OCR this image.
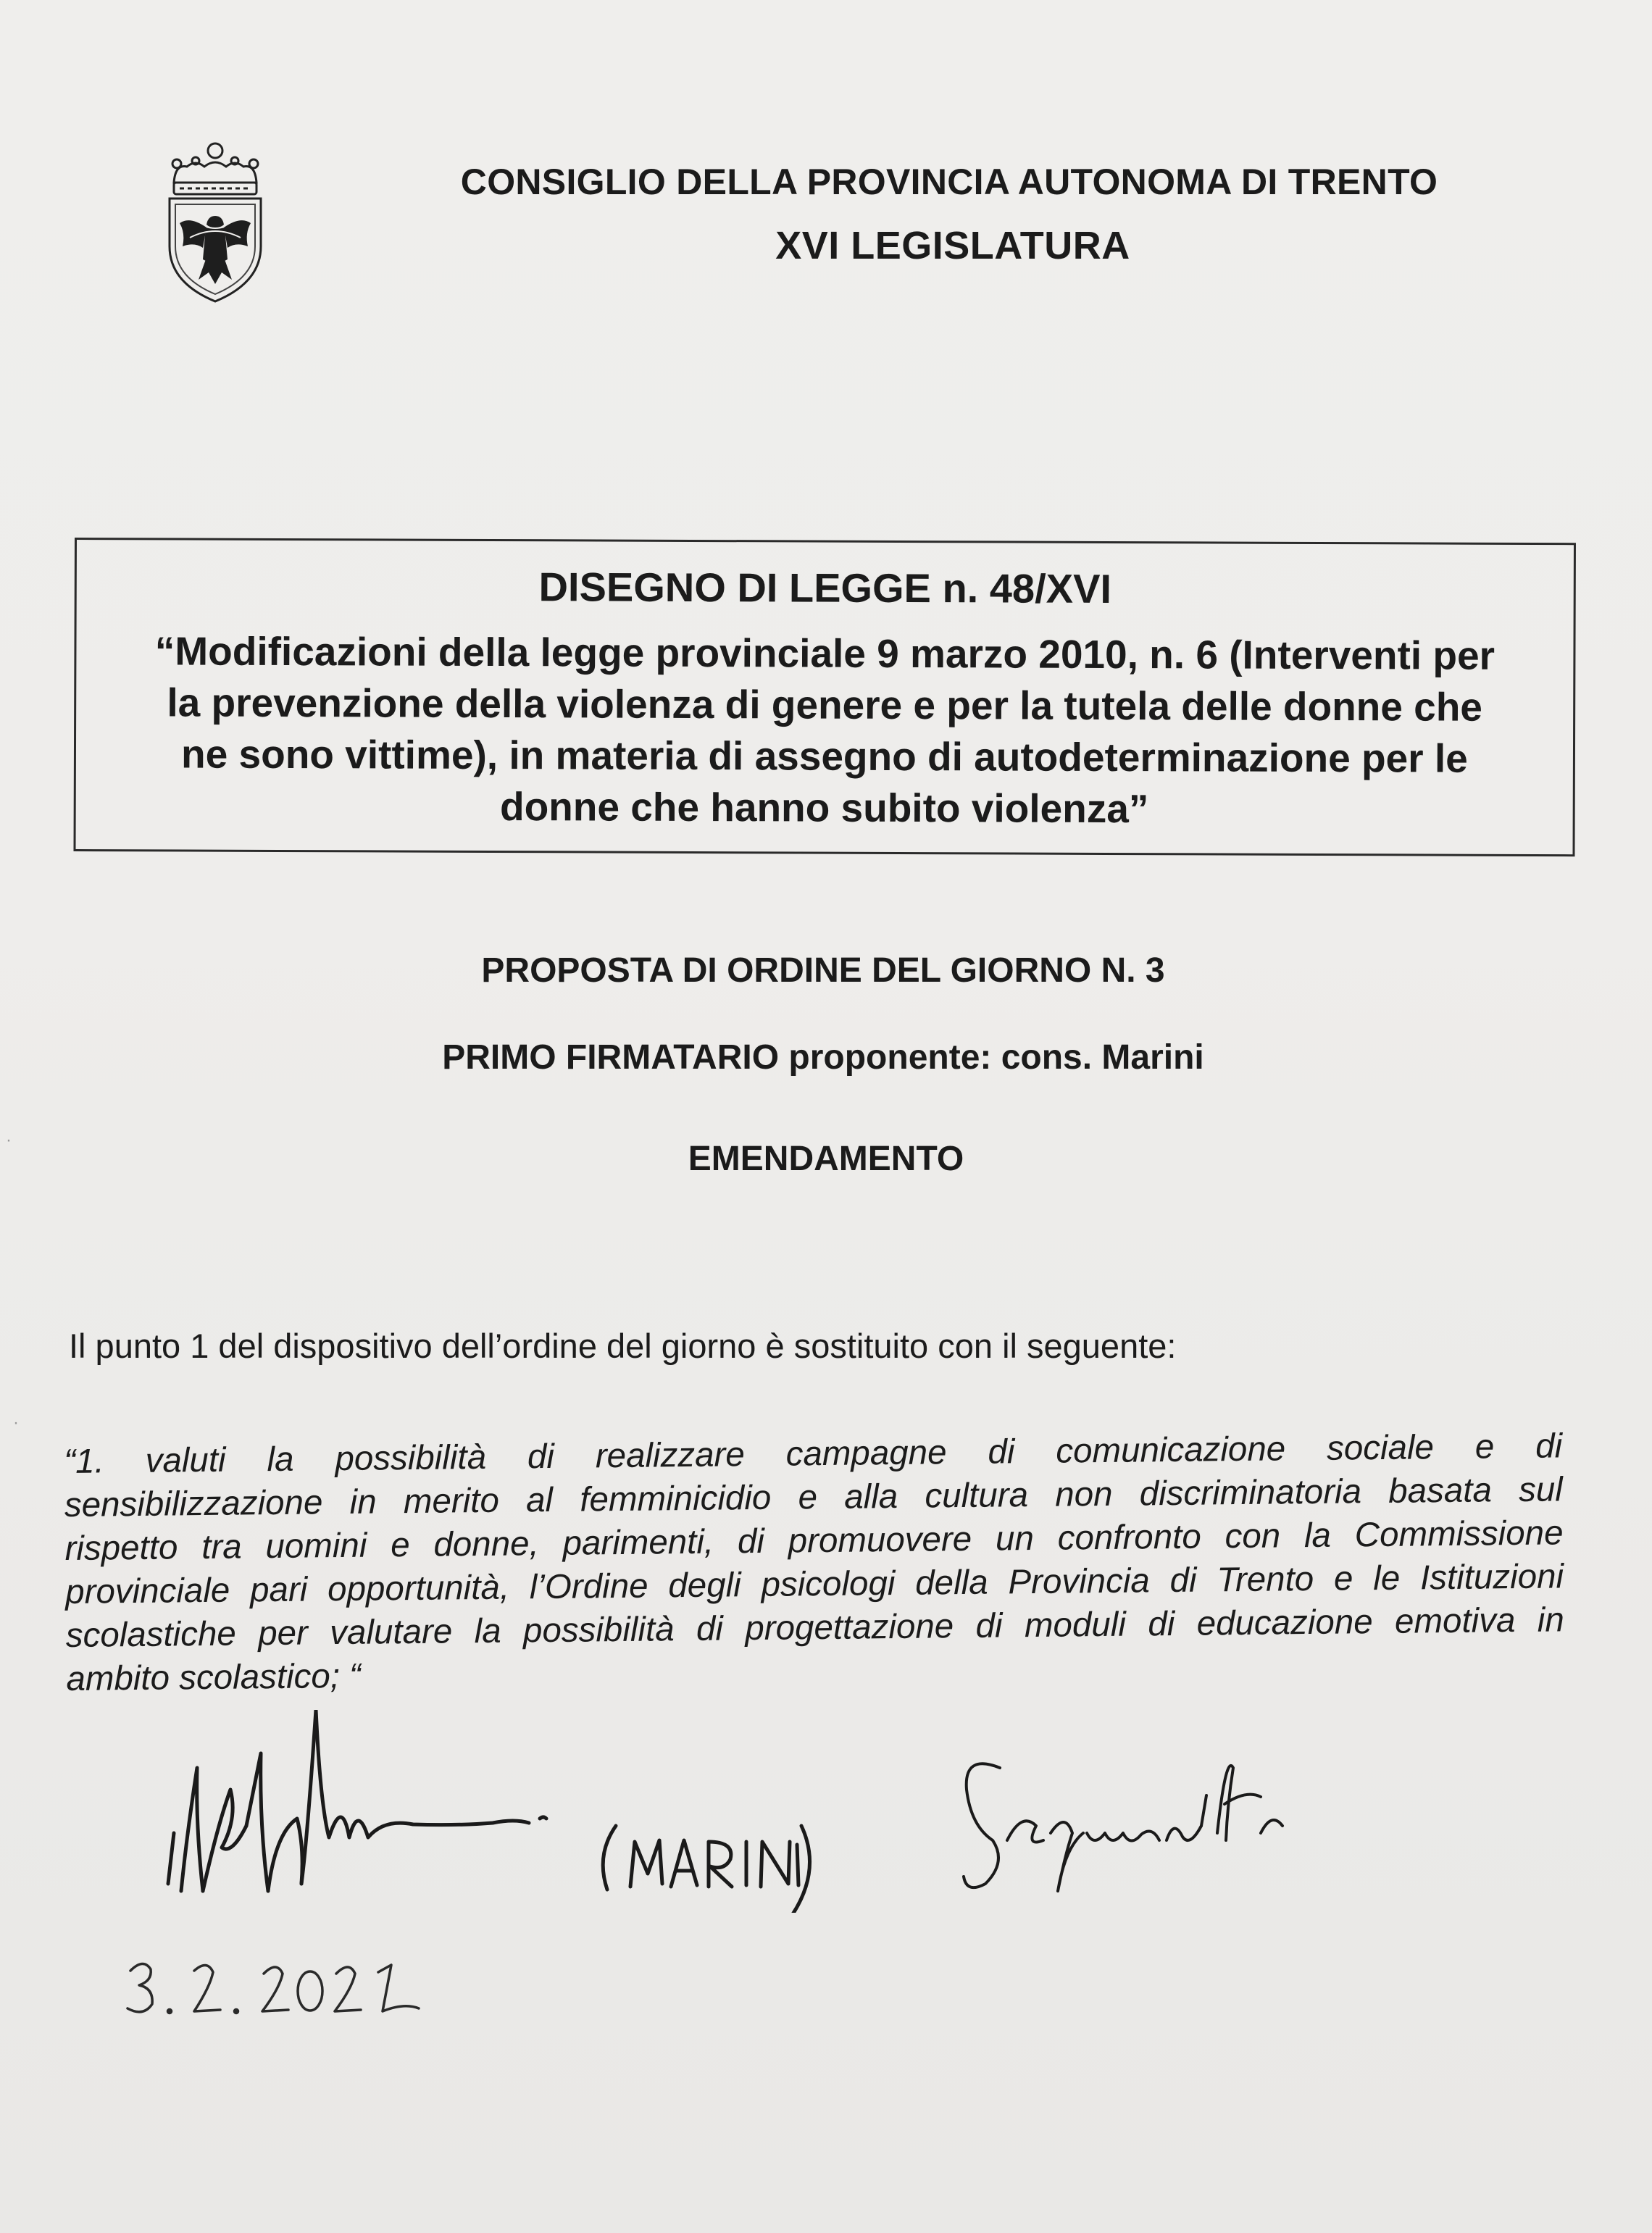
CONSIGLIO DELLA PROVINCIA AUTONOMA DI TRENTO
XVI LEGISLATURA
DISEGNO DI LEGGE n. 48/XVI
“Modificazioni della legge provinciale 9 marzo 2010, n. 6 (Interventi per
la prevenzione della violenza di genere e per la tutela delle donne che
ne sono vittime), in materia di assegno di autodeterminazione per le
donne che hanno subito violenza”
PROPOSTA DI ORDINE DEL GIORNO N. 3
PRIMO FIRMATARIO proponente: cons. Marini
EMENDAMENTO
Il punto 1 del dispositivo dell’ordine del giorno è sostituito con il seguente:
“1. valuti la possibilità di realizzare campagne di comunicazione sociale e di
sensibilizzazione in merito al femminicidio e alla cultura non discriminatoria basata sul
rispetto tra uomini e donne, parimenti, di promuovere un confronto con la Commissione
provinciale pari opportunità, l’Ordine degli psicologi della Provincia di Trento e le Istituzioni
scolastiche per valutare la possibilità di progettazione di moduli di educazione emotiva in
ambito scolastico; “
·
·
